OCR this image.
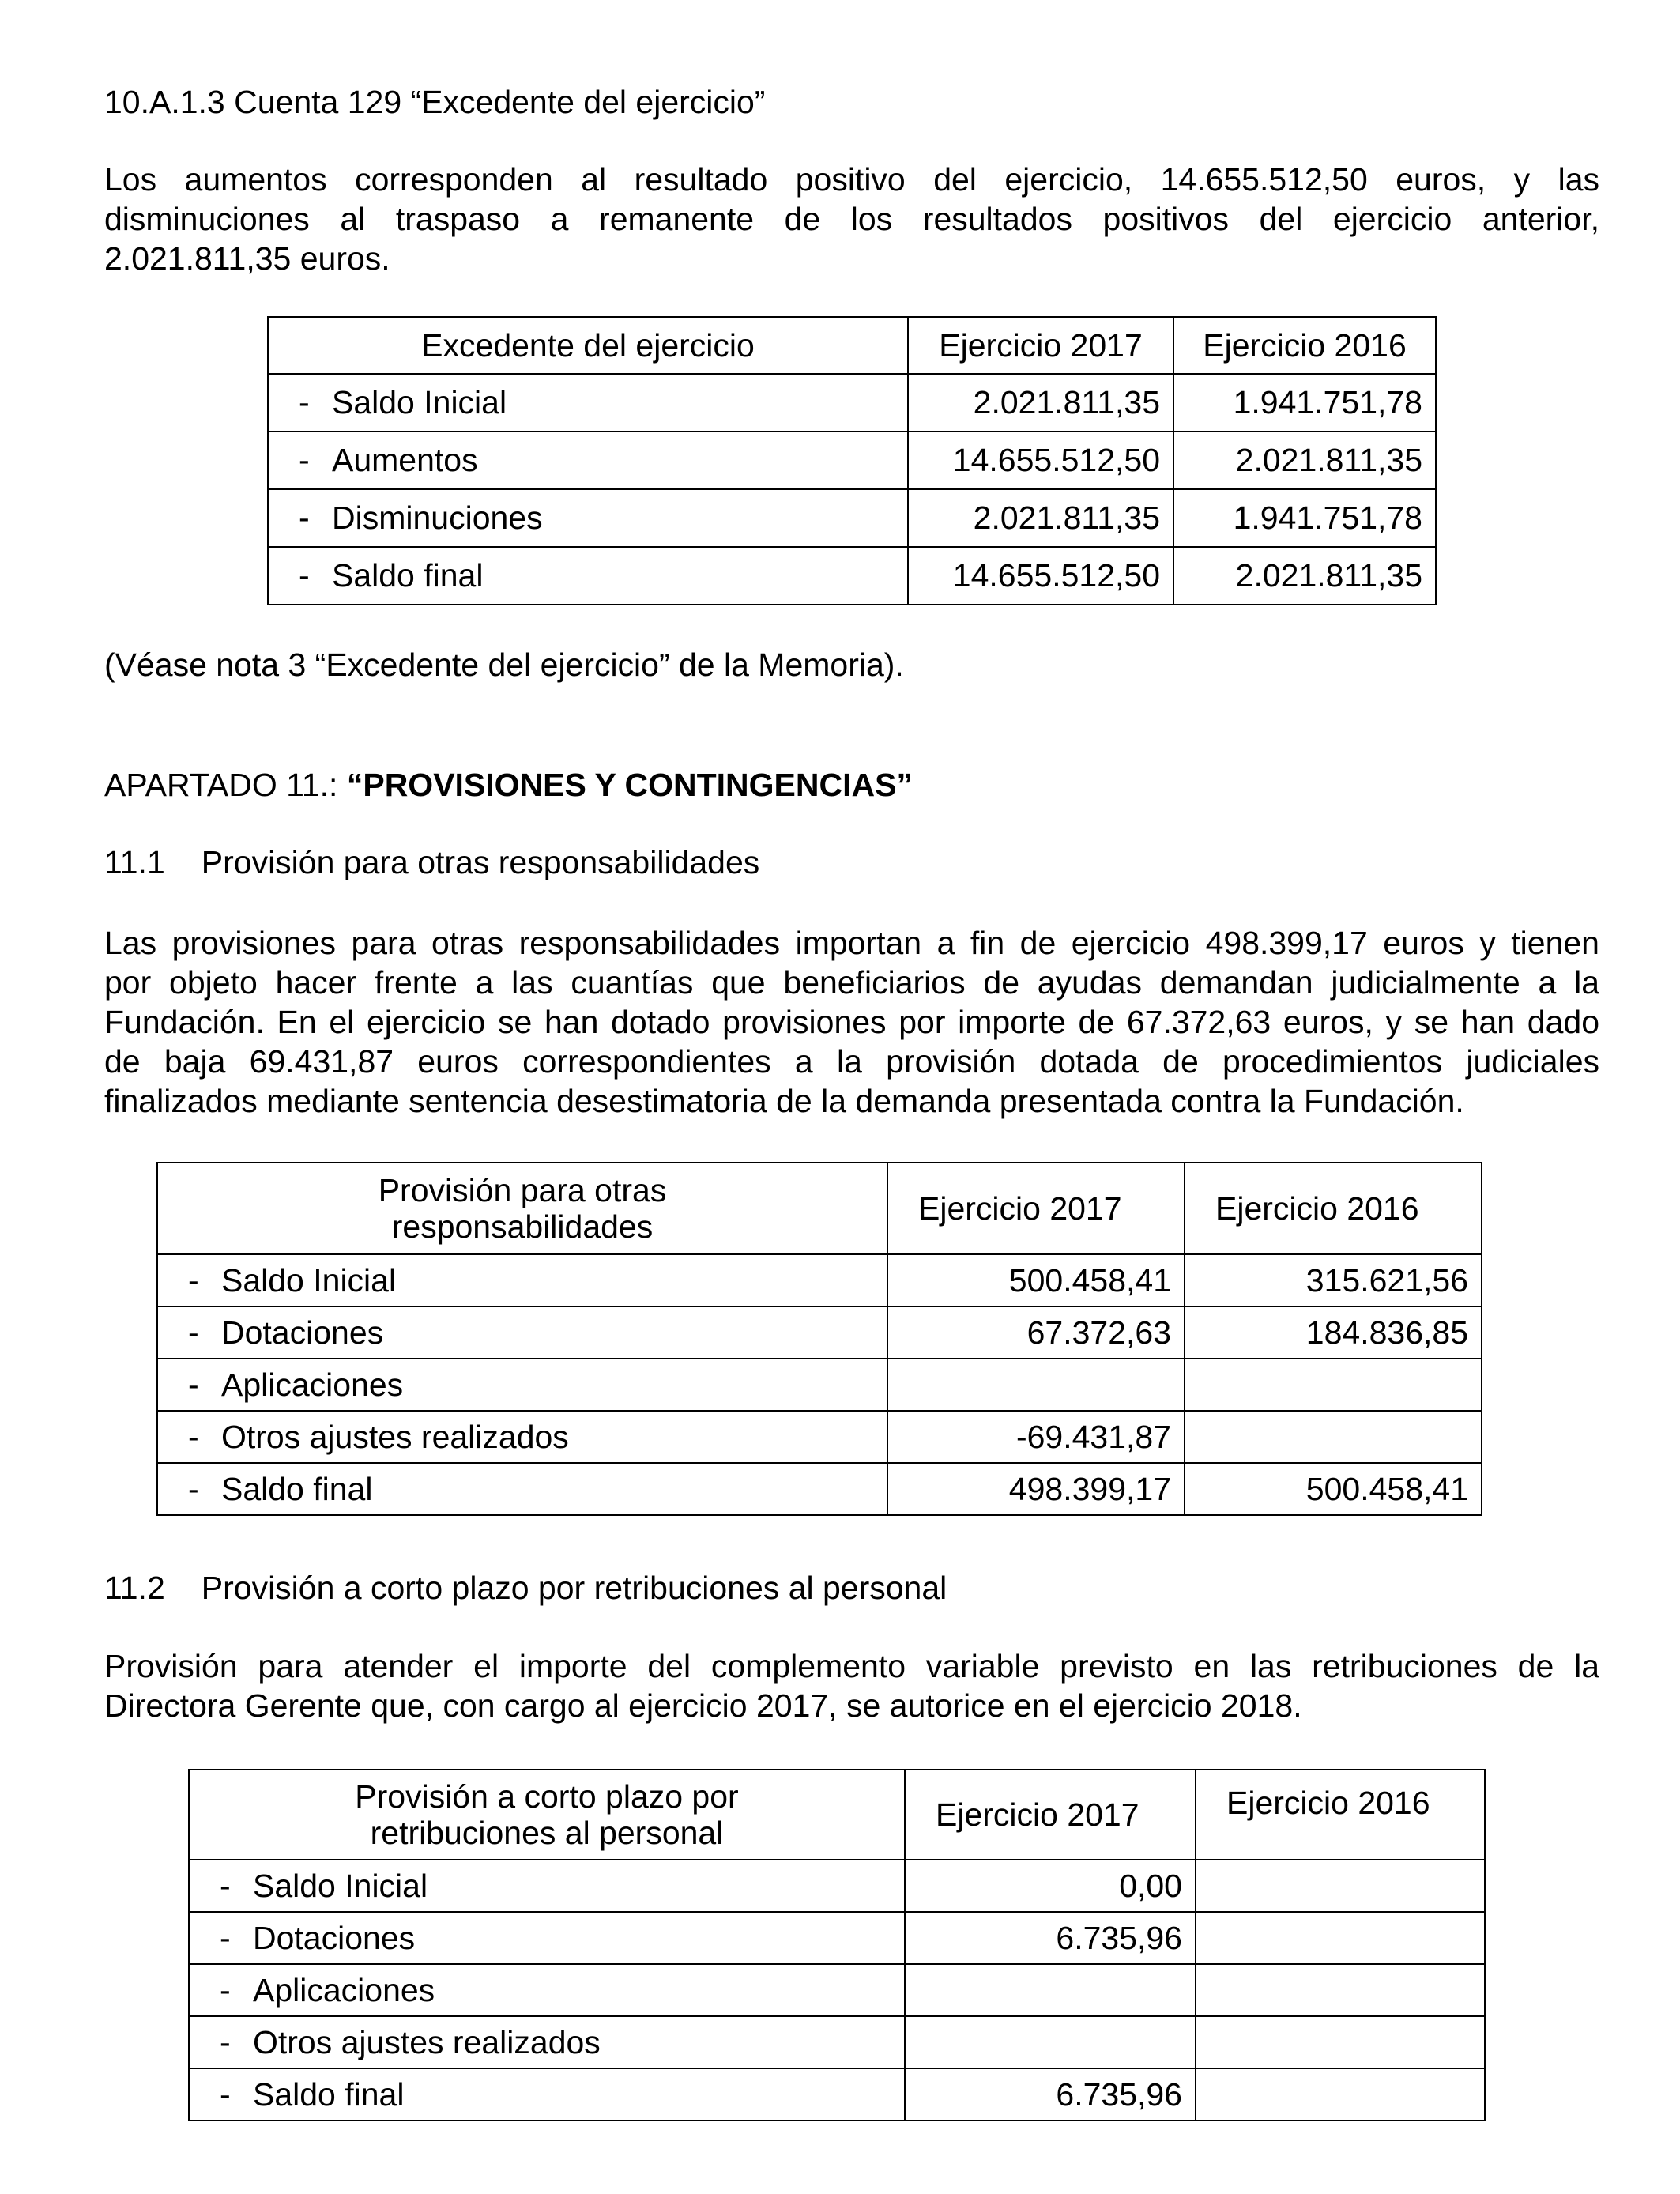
10.A.1.3 Cuenta 129 “Excedente del ejercicio”
Los aumentos corresponden al resultado positivo del ejercicio, 14.655.512,50 euros, y las
disminuciones al traspaso a remanente de los resultados positivos del ejercicio anterior,
2.021.811,35 euros.
Excedente del ejercicio	Ejercicio 2017	Ejercicio 2016
- Saldo Inicial	2.021.811,35	1.941.751,78
- Aumentos	14.655.512,50	2.021.811,35
- Disminuciones	2.021.811,35	1.941.751,78
- Saldo final	14.655.512,50	2.021.811,35
(Véase nota 3 “Excedente del ejercicio” de la Memoria).
APARTADO 11.: “PROVISIONES Y CONTINGENCIAS”
11.1 Provisión para otras responsabilidades
Las provisiones para otras responsabilidades importan a fin de ejercicio 498.399,17 euros y tienen
por objeto hacer frente a las cuantías que beneficiarios de ayudas demandan judicialmente a la
Fundación. En el ejercicio se han dotado provisiones por importe de 67.372,63 euros, y se han dado
de baja 69.431,87 euros correspondientes a la provisión dotada de procedimientos judiciales
finalizados mediante sentencia desestimatoria de la demanda presentada contra la Fundación.
Provisión para otras
responsabilidades	Ejercicio 2017	Ejercicio 2016
- Saldo Inicial	500.458,41	315.621,56
- Dotaciones	67.372,63	184.836,85
- Aplicaciones		
- Otros ajustes realizados	-69.431,87	
- Saldo final	498.399,17	500.458,41
11.2 Provisión a corto plazo por retribuciones al personal
Provisión para atender el importe del complemento variable previsto en las retribuciones de la
Directora Gerente que, con cargo al ejercicio 2017, se autorice en el ejercicio 2018.
Provisión a corto plazo por
retribuciones al personal	Ejercicio 2017	Ejercicio 2016
- Saldo Inicial	0,00	
- Dotaciones	6.735,96	
- Aplicaciones		
- Otros ajustes realizados		
- Saldo final	6.735,96	
